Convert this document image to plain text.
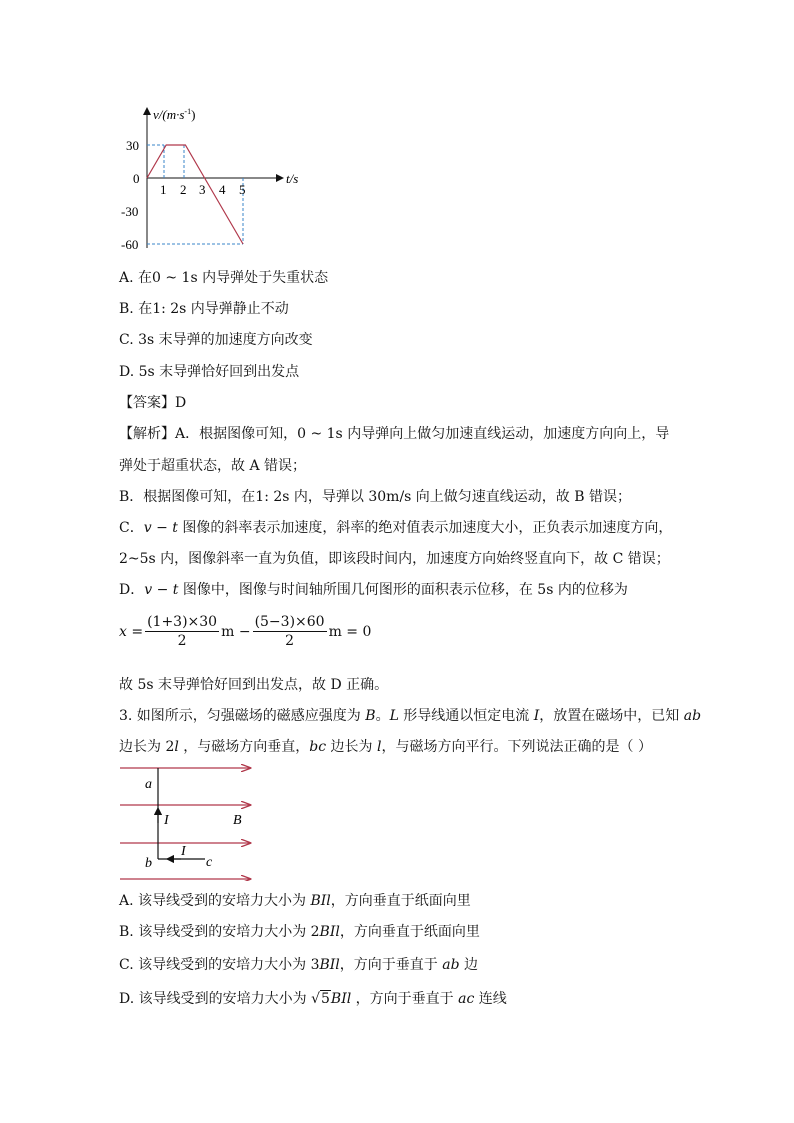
$v/(m\cdot s^{-1})$
t/s
0
30
-30
-60
1 2 3 4 5
A. 在0 ~ 1s 内导弹处于失重状态
B. 在1: 2s 内导弹静止不动
C. 3s 末导弹的加速度方向改变
D. 5s 末导弹恰好回到出发点
【答案】D
【解析】A．根据图像可知，0 ~ 1s 内导弹向上做匀加速直线运动，加速度方向向上，导
弹处于超重状态，故 A 错误；
B．根据图像可知，在1: 2s 内，导弹以 30m/s 向上做匀速直线运动，故 B 错误；
C．v − t 图像的斜率表示加速度，斜率的绝对值表示加速度大小，正负表示加速度方向，
2~5s 内，图像斜率一直为负值，即该段时间内，加速度方向始终竖直向下，故 C 错误；
D．v − t 图像中，图像与时间轴所围几何图形的面积表示位移，在 5s 内的位移为
$x = \frac{(1+3)\times 30}{2}$ $m - \frac{(5-3)\times 60}{2}$ m = 0
故 5s 末导弹恰好回到出发点，故 D 正确。
3. 如图所示，匀强磁场的磁感应强度为 B。L 形导线通以恒定电流 I，放置在磁场中，已知 ab
边长为 2l ，与磁场方向垂直，bc 边长为 l，与磁场方向平行。下列说法正确的是（ ）
a
I	B
I
b	c
A. 该导线受到的安培力大小为 BIl，方向垂直于纸面向里
B. 该导线受到的安培力大小为 2BIl，方向垂直于纸面向里
C. 该导线受到的安培力大小为 3BIl，方向于垂直于 ab 边
D. 该导线受到的安培力大小为 √5BIl ，方向于垂直于 ac 连线
